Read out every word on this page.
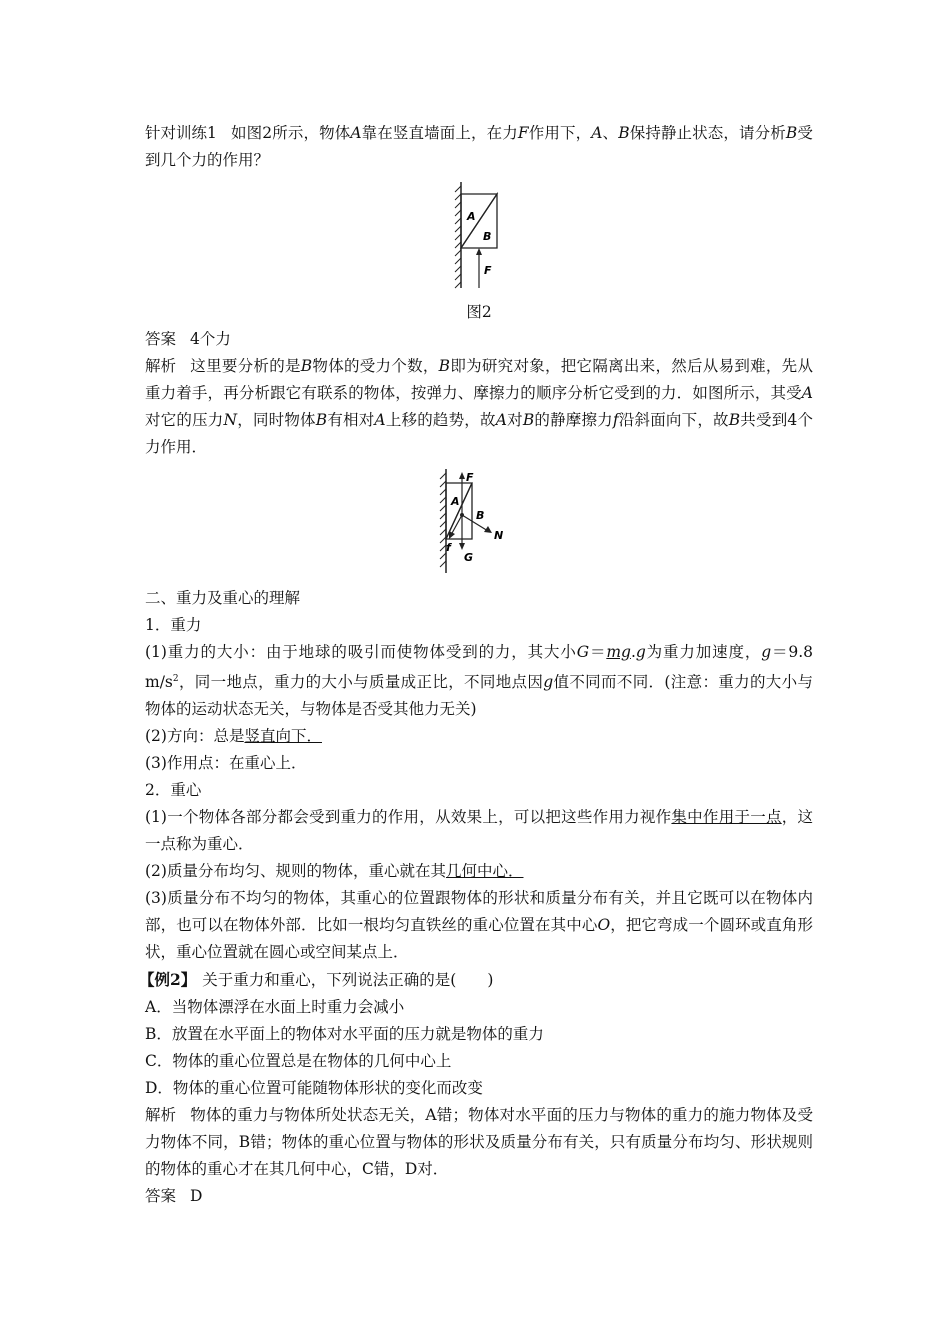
针对训练1 如图2所示，物体A靠在竖直墙面上，在力F作用下，A、B保持静止状态，请分析B受到几个力的作用？

A
B
F
图2

答案 4个力

解析 这里要分析的是B物体的受力个数，B即为研究对象，把它隔离出来，然后从易到难，先从重力着手，再分析跟它有联系的物体，按弹力、摩擦力的顺序分析它受到的力．如图所示，其受A对它的压力N，同时物体B有相对A上移的趋势，故A对B的静摩擦力f沿斜面向下，故B共受到4个力作用．

F
A
B
N
f
G

二、重力及重心的理解

1．重力

(1)重力的大小：由于地球的吸引而使物体受到的力，其大小G＝mg.g为重力加速度，g＝9.8 $m/s^2$，同一地点，重力的大小与质量成正比，不同地点因g值不同而不同．(注意：重力的大小与物体的运动状态无关，与物体是否受其他力无关)

(2)方向：总是竖直向下．

(3)作用点：在重心上．

2．重心

(1)一个物体各部分都会受到重力的作用，从效果上，可以把这些作用力视作集中作用于一点，这一点称为重心．

(2)质量分布均匀、规则的物体，重心就在其几何中心．

(3)质量分布不均匀的物体，其重心的位置跟物体的形状和质量分布有关，并且它既可以在物体内部，也可以在物体外部．比如一根均匀直铁丝的重心位置在其中心O，把它弯成一个圆环或直角形状，重心位置就在圆心或空间某点上．

【例2】 关于重力和重心，下列说法正确的是(　　)

A．当物体漂浮在水面上时重力会减小

B．放置在水平面上的物体对水平面的压力就是物体的重力

C．物体的重心位置总是在物体的几何中心上

D．物体的重心位置可能随物体形状的变化而改变

解析 物体的重力与物体所处状态无关，A错；物体对水平面的压力与物体的重力的施力物体及受力物体不同，B错；物体的重心位置与物体的形状及质量分布有关，只有质量分布均匀、形状规则的物体的重心才在其几何中心，C错，D对．

答案 D
